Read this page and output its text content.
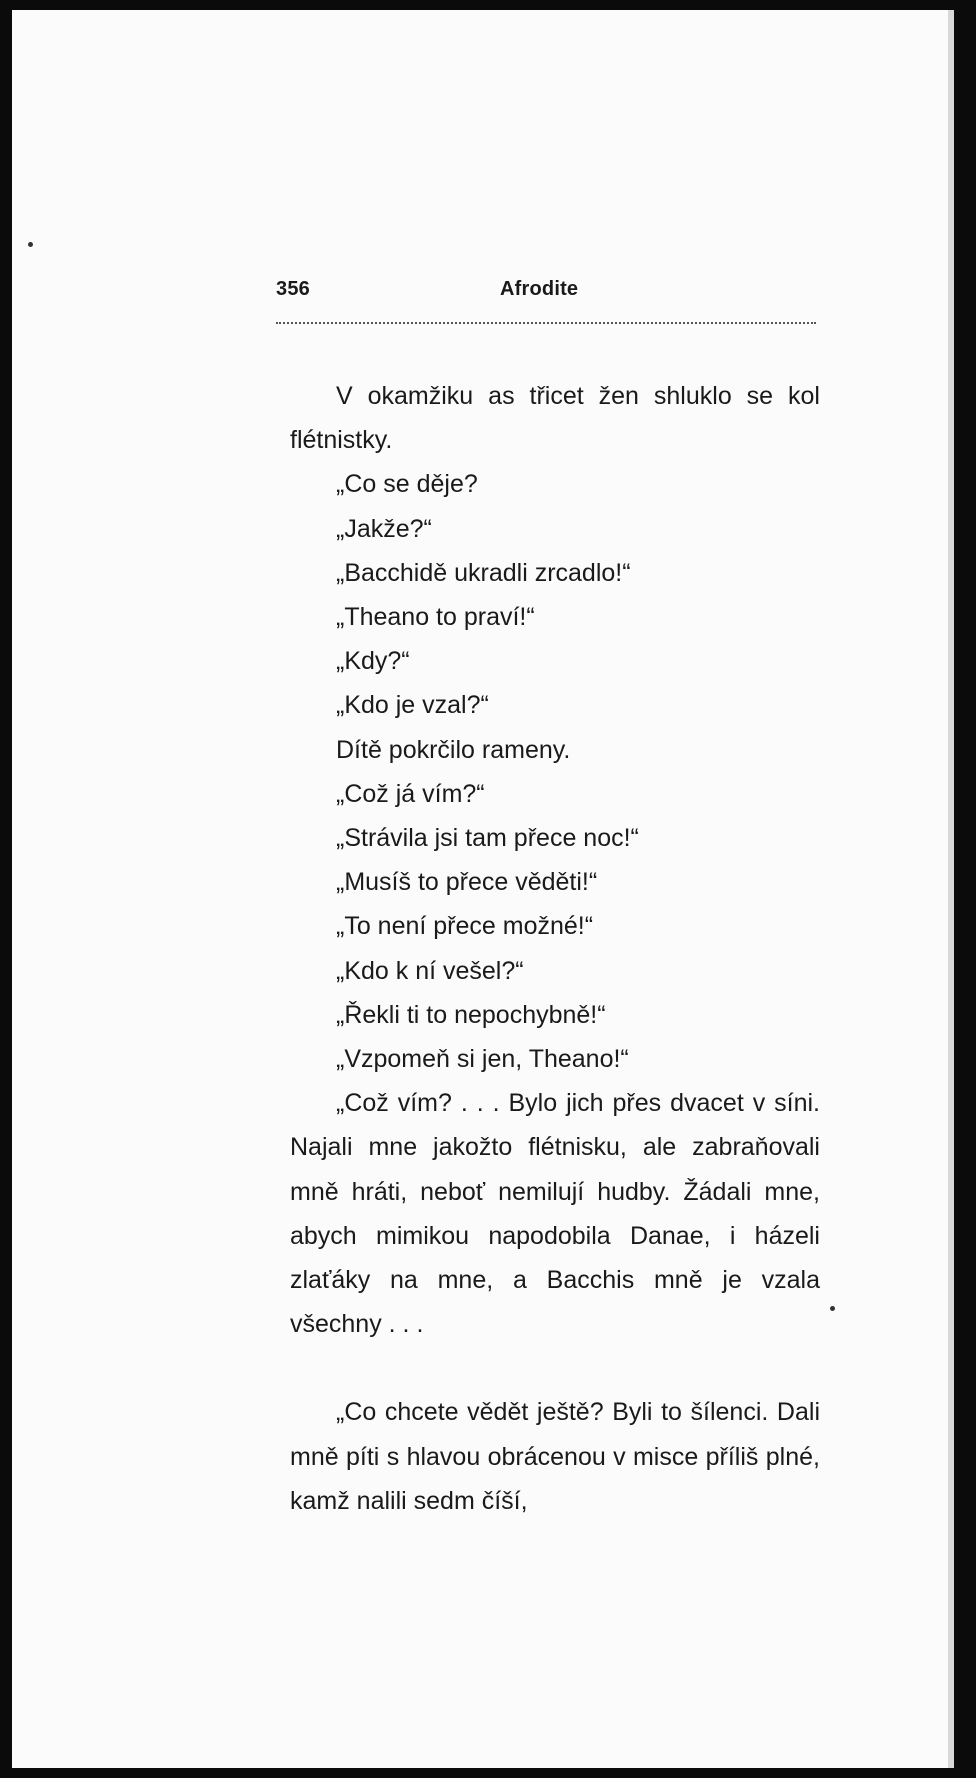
356	Afrodite

V okamžiku as třicet žen shluklo se kol flétnistky.

„Co se děje?

„Jakže?“

„Bacchidě ukradli zrcadlo!“

„Theano to praví!“

„Kdy?“

„Kdo je vzal?“

Dítě pokrčilo rameny.

„Což já vím?“

„Strávila jsi tam přece noc!“

„Musíš to přece věděti!“

„To není přece možné!“

„Kdo k ní vešel?“

„Řekli ti to nepochybně!“

„Vzpomeň si jen, Theano!“

„Což vím? . . . Bylo jich přes dvacet v síni. Najali mne jakožto flétnisku, ale zabraňovali mně hráti, neboť nemilují hudby. Žádali mne, abych mimikou napodobila Danae, i házeli zlaťáky na mne, a Bacchis mně je vzala všechny . . .

„Co chcete vědět ještě? Byli to šílenci. Dali mně píti s hlavou obrácenou v misce příliš plné, kamž nalili sedm číší,
